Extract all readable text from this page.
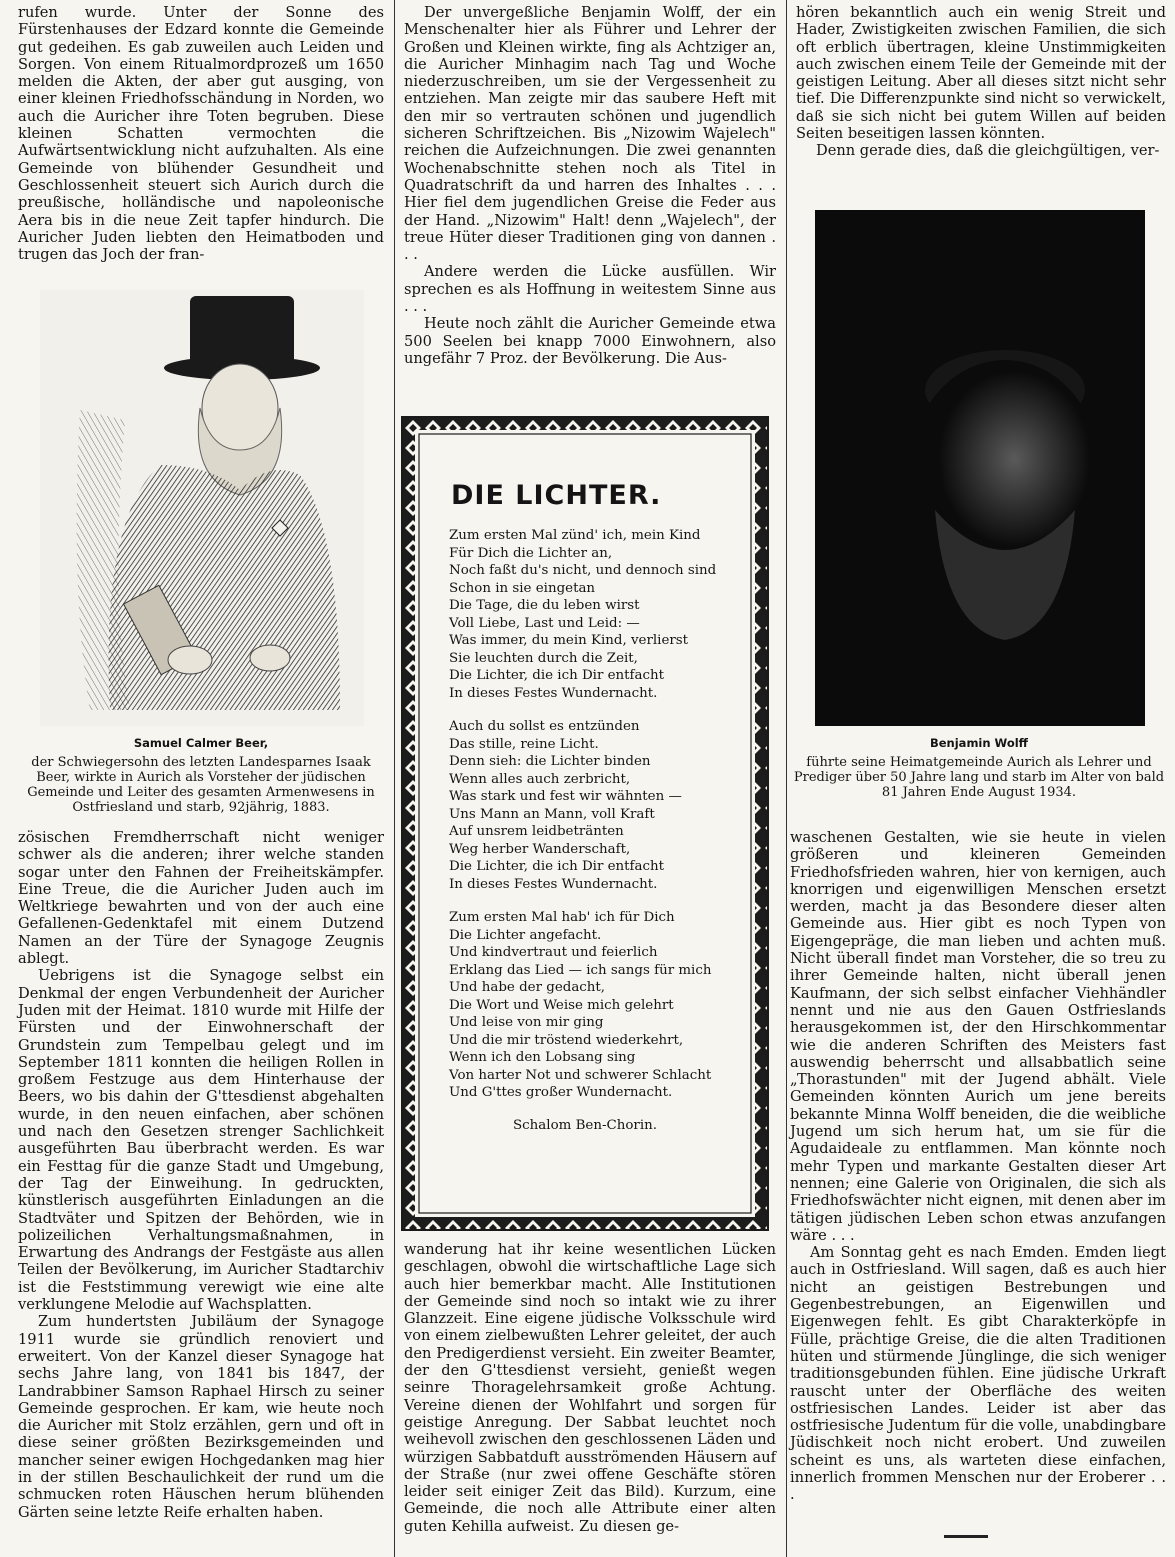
rufen wurde. Unter der Sonne des Fürstenhauses der Edzard konnte die Gemeinde gut gedeihen. Es gab zuweilen auch Leiden und Sorgen. Von einem Ritualmordprozeß um 1650 melden die Akten, der aber gut ausging, von einer kleinen Friedhofsschändung in Norden, wo auch die Auricher ihre Toten begruben. Diese kleinen Schatten vermochten die Aufwärtsentwicklung nicht aufzuhalten. Als eine Gemeinde von blühender Gesundheit und Geschlossenheit steuert sich Aurich durch die preußische, holländische und napoleonische Aera bis in die neue Zeit tapfer hindurch. Die Auricher Juden liebten den Heimatboden und trugen das Joch der fran-

Samuel Calmer Beer,
der Schwiegersohn des letzten Landesparnes Isaak Beer, wirkte in Aurich als Vorsteher der jüdischen Gemeinde und Leiter des gesamten Armenwesens in Ostfriesland und starb, 92jährig, 1883.

zösischen Fremdherrschaft nicht weniger schwer als die anderen; ihrer welche standen sogar unter den Fahnen der Freiheitskämpfer. Eine Treue, die die Auricher Juden auch im Weltkriege bewahrten und von der auch eine Gefallenen-Gedenktafel mit einem Dutzend Namen an der Türe der Synagoge Zeugnis ablegt.

Uebrigens ist die Synagoge selbst ein Denkmal der engen Verbundenheit der Auricher Juden mit der Heimat. 1810 wurde mit Hilfe der Fürsten und der Einwohnerschaft der Grundstein zum Tempelbau gelegt und im September 1811 konnten die heiligen Rollen in großem Festzuge aus dem Hinterhause der Beers, wo bis dahin der G'ttesdienst abgehalten wurde, in den neuen einfachen, aber schönen und nach den Gesetzen strenger Sachlichkeit ausgeführten Bau überbracht werden. Es war ein Festtag für die ganze Stadt und Umgebung, der Tag der Einweihung. In gedruckten, künstlerisch ausgeführten Einladungen an die Stadtväter und Spitzen der Behörden, wie in polizeilichen Verhaltungsmaßnahmen, in Erwartung des Andrangs der Festgäste aus allen Teilen der Bevölkerung, im Auricher Stadtarchiv ist die Feststimmung verewigt wie eine alte verklungene Melodie auf Wachsplatten.

Zum hundertsten Jubiläum der Synagoge 1911 wurde sie gründlich renoviert und erweitert. Von der Kanzel dieser Synagoge hat sechs Jahre lang, von 1841 bis 1847, der Landrabbiner Samson Raphael Hirsch zu seiner Gemeinde gesprochen. Er kam, wie heute noch die Auricher mit Stolz erzählen, gern und oft in diese seiner größten Bezirksgemeinden und mancher seiner ewigen Hochgedanken mag hier in der stillen Beschaulichkeit der rund um die schmucken roten Häuschen herum blühenden Gärten seine letzte Reife erhalten haben.

Der unvergeßliche Benjamin Wolff, der ein Menschenalter hier als Führer und Lehrer der Großen und Kleinen wirkte, fing als Achtziger an, die Auricher Minhagim nach Tag und Woche niederzuschreiben, um sie der Vergessenheit zu entziehen. Man zeigte mir das saubere Heft mit den mir so vertrauten schönen und jugendlich sicheren Schriftzeichen. Bis „Nizowim Wajelech" reichen die Aufzeichnungen. Die zwei genannten Wochenabschnitte stehen noch als Titel in Quadratschrift da und harren des Inhaltes . . . Hier fiel dem jugendlichen Greise die Feder aus der Hand. „Nizowim" Halt! denn „Wajelech", der treue Hüter dieser Traditionen ging von dannen . . .

Andere werden die Lücke ausfüllen. Wir sprechen es als Hoffnung in weitestem Sinne aus . . .

Heute noch zählt die Auricher Gemeinde etwa 500 Seelen bei knapp 7000 Einwohnern, also ungefähr 7 Proz. der Bevölkerung. Die Aus-

DIE LICHTER.
Zum ersten Mal zünd' ich, mein Kind
Für Dich die Lichter an,
Noch faßt du's nicht, und dennoch sind
Schon in sie eingetan
Die Tage, die du leben wirst
Voll Liebe, Last und Leid: —
Was immer, du mein Kind, verlierst
Sie leuchten durch die Zeit,
Die Lichter, die ich Dir entfacht
In dieses Festes Wundernacht.
Auch du sollst es entzünden
Das stille, reine Licht.
Denn sieh: die Lichter binden
Wenn alles auch zerbricht,
Was stark und fest wir wähnten —
Uns Mann an Mann, voll Kraft
Auf unsrem leidbetränten
Weg herber Wanderschaft,
Die Lichter, die ich Dir entfacht
In dieses Festes Wundernacht.
Zum ersten Mal hab' ich für Dich
Die Lichter angefacht.
Und kindvertraut und feierlich
Erklang das Lied — ich sangs für mich
Und habe der gedacht,
Die Wort und Weise mich gelehrt
Und leise von mir ging
Und die mir tröstend wiederkehrt,
Wenn ich den Lobsang sing
Von harter Not und schwerer Schlacht
Und G'ttes großer Wundernacht.
Schalom Ben-Chorin.

wanderung hat ihr keine wesentlichen Lücken geschlagen, obwohl die wirtschaftliche Lage sich auch hier bemerkbar macht. Alle Institutionen der Gemeinde sind noch so intakt wie zu ihrer Glanzzeit. Eine eigene jüdische Volksschule wird von einem zielbewußten Lehrer geleitet, der auch den Predigerdienst versieht. Ein zweiter Beamter, der den G'ttesdienst versieht, genießt wegen seinre Thoragelehrsamkeit große Achtung. Vereine dienen der Wohlfahrt und sorgen für geistige Anregung. Der Sabbat leuchtet noch weihevoll zwischen den geschlossenen Läden und würzigen Sabbatduft ausströmenden Häusern auf der Straße (nur zwei offene Geschäfte stören leider seit einiger Zeit das Bild). Kurzum, eine Gemeinde, die noch alle Attribute einer alten guten Kehilla aufweist. Zu diesen ge-

hören bekanntlich auch ein wenig Streit und Hader, Zwistigkeiten zwischen Familien, die sich oft erblich übertragen, kleine Unstimmigkeiten auch zwischen einem Teile der Gemeinde mit der geistigen Leitung. Aber all dieses sitzt nicht sehr tief. Die Differenzpunkte sind nicht so verwickelt, daß sie sich nicht bei gutem Willen auf beiden Seiten beseitigen lassen könnten.

Denn gerade dies, daß die gleichgültigen, ver-

Benjamin Wolff
führte seine Heimatgemeinde Aurich als Lehrer und Prediger über 50 Jahre lang und starb im Alter von bald 81 Jahren Ende August 1934.

waschenen Gestalten, wie sie heute in vielen größeren und kleineren Gemeinden Friedhofsfrieden wahren, hier von kernigen, auch knorrigen und eigenwilligen Menschen ersetzt werden, macht ja das Besondere dieser alten Gemeinde aus. Hier gibt es noch Typen von Eigengepräge, die man lieben und achten muß. Nicht überall findet man Vorsteher, die so treu zu ihrer Gemeinde halten, nicht überall jenen Kaufmann, der sich selbst einfacher Viehhändler nennt und nie aus den Gauen Ostfrieslands herausgekommen ist, der den Hirschkommentar wie die anderen Schriften des Meisters fast auswendig beherrscht und allsabbatlich seine „Thorastunden" mit der Jugend abhält. Viele Gemeinden könnten Aurich um jene bereits bekannte Minna Wolff beneiden, die die weibliche Jugend um sich herum hat, um sie für die Agudaideale zu entflammen. Man könnte noch mehr Typen und markante Gestalten dieser Art nennen; eine Galerie von Originalen, die sich als Friedhofswächter nicht eignen, mit denen aber im tätigen jüdischen Leben schon etwas anzufangen wäre . . .

Am Sonntag geht es nach Emden. Emden liegt auch in Ostfriesland. Will sagen, daß es auch hier nicht an geistigen Bestrebungen und Gegenbestrebungen, an Eigenwillen und Eigenwegen fehlt. Es gibt Charakterköpfe in Fülle, prächtige Greise, die die alten Traditionen hüten und stürmende Jünglinge, die sich weniger traditionsgebunden fühlen. Eine jüdische Urkraft rauscht unter der Oberfläche des weiten ostfriesischen Landes. Leider ist aber das ostfriesische Judentum für die volle, unabdingbare Jüdischkeit noch nicht erobert. Und zuweilen scheint es uns, als warteten diese einfachen, innerlich frommen Menschen nur der Eroberer . . .
